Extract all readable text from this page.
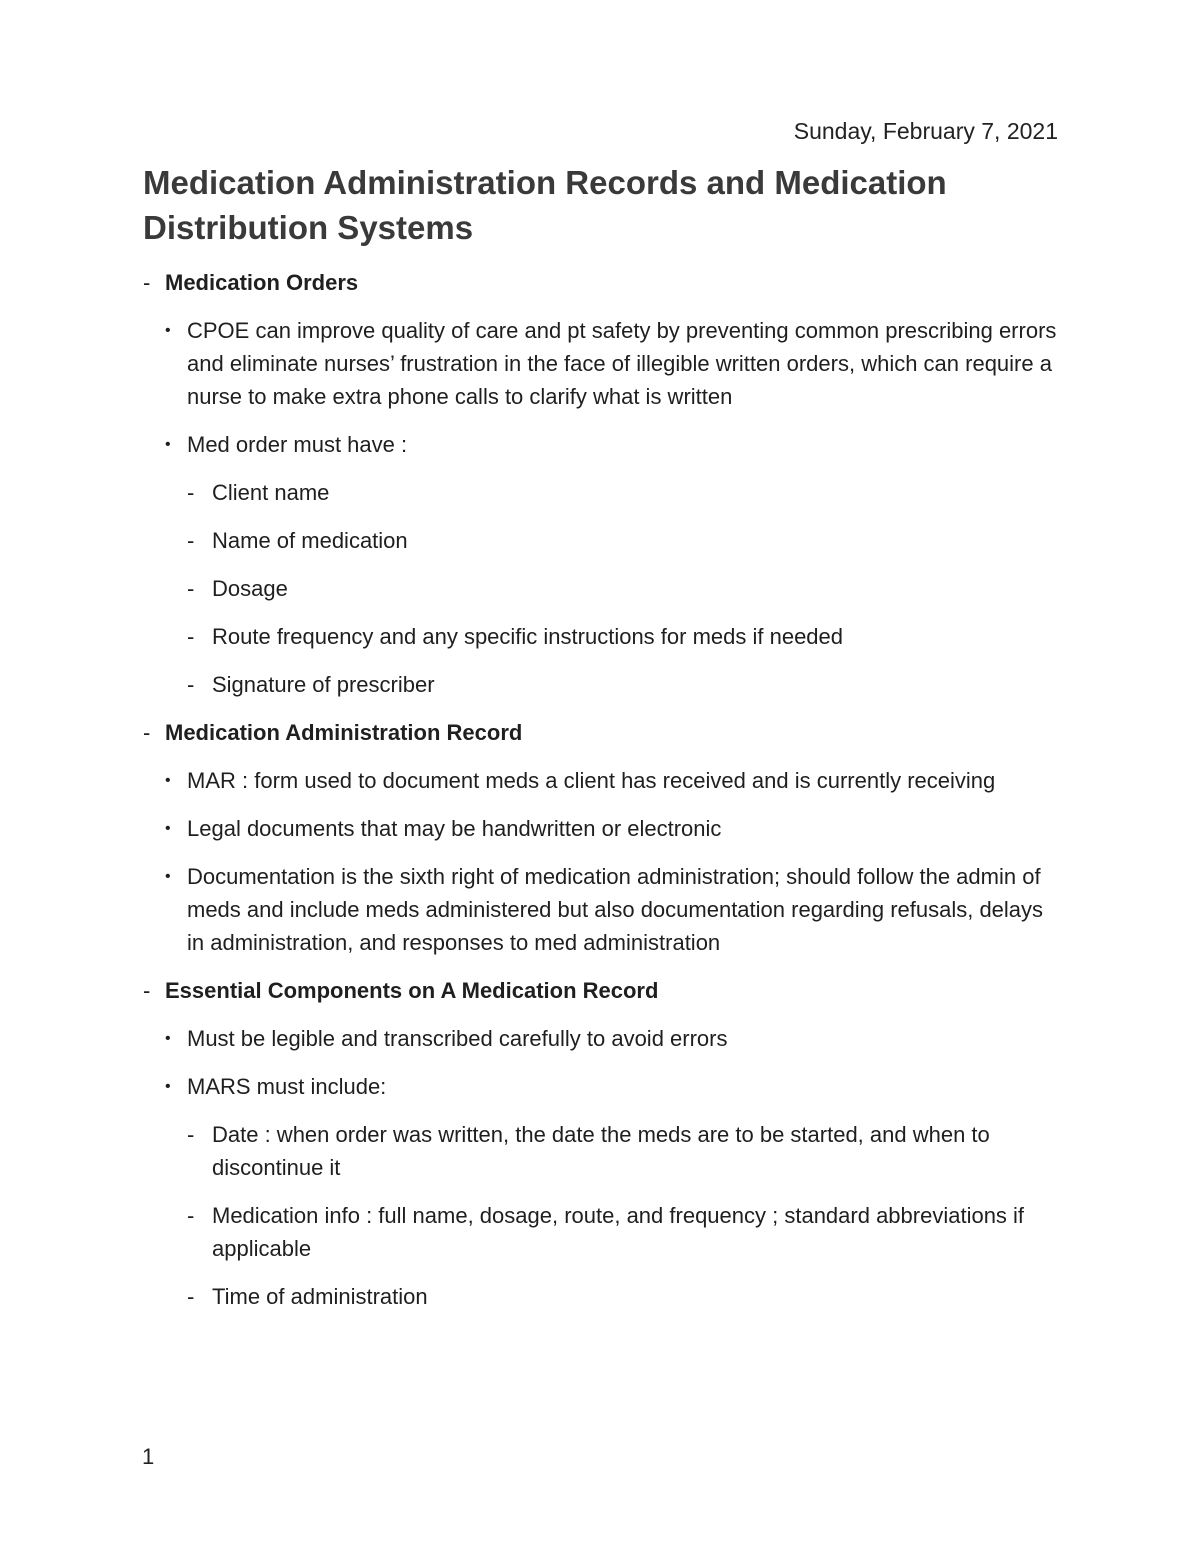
Sunday, February 7, 2021
Medication Administration Records and Medication Distribution Systems
- Medication Orders
• CPOE can improve quality of care and pt safety by preventing common prescribing errors and eliminate nurses’ frustration in the face of illegible written orders, which can require a nurse to make extra phone calls to clarify what is written
• Med order must have :
- Client name
- Name of medication
- Dosage
- Route frequency and any specific instructions for meds if needed
- Signature of prescriber
- Medication Administration Record
• MAR : form used to document meds a client has received and is currently receiving
• Legal documents that may be handwritten or electronic
• Documentation is the sixth right of medication administration; should follow the admin of meds and include meds administered but also documentation regarding refusals, delays in administration, and responses to med administration
- Essential Components on A Medication Record
• Must be legible and transcribed carefully to avoid errors
• MARS must include:
- Date : when order was written, the date the meds are to be started, and when to discontinue it
- Medication info : full name, dosage, route, and frequency ; standard abbreviations if applicable
- Time of administration
1
